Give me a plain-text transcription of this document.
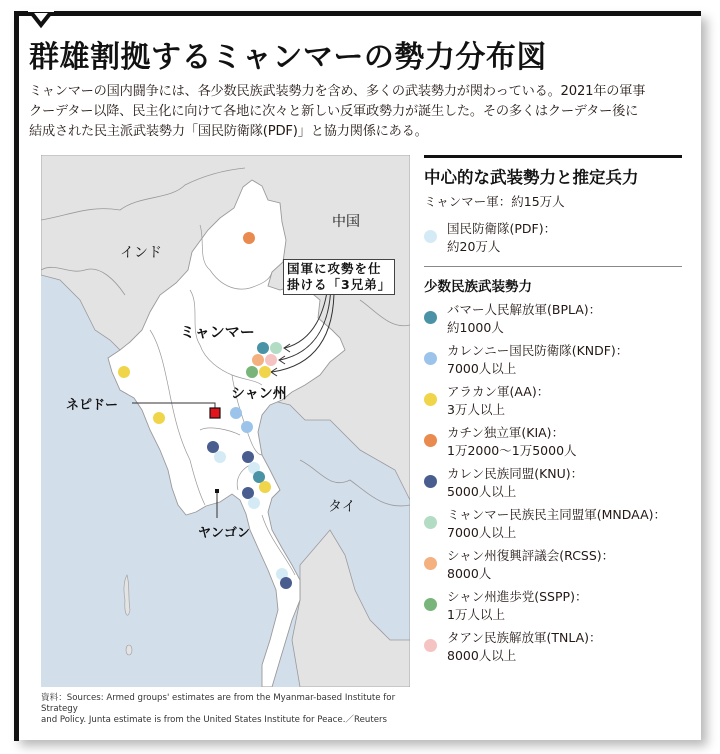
群雄割拠するミャンマーの勢力分布図
ミャンマーの国内闘争には、各少数民族武装勢力を含め、多くの武装勢力が関わっている。2021年の軍事
クーデター以降、民主化に向けて各地に次々と新しい反軍政勢力が誕生した。その多くはクーデター後に
結成された民主派武装勢力「国民防衛隊(PDF)」と協力関係にある。
中国
インド
ミャンマー
シャン州
ネピドー
ヤンゴン
タイ
国軍に攻勢を仕
掛ける「3兄弟」
中心的な武装勢力と推定兵力
ミャンマー軍：約15万人
国民防衛隊(PDF)：
約20万人
少数民族武装勢力
バマー人民解放軍(BPLA)：
約1000人
カレンニー国民防衛隊(KNDF)：
7000人以上
アラカン軍(AA)：
3万人以上
カチン独立軍(KIA)：
1万2000～1万5000人
カレン民族同盟(KNU)：
5000人以上
ミャンマー民族民主同盟軍(MNDAA)：
7000人以上
シャン州復興評議会(RCSS)：
8000人
シャン州進歩党(SSPP)：
1万人以上
タアン民族解放軍(TNLA)：
8000人以上
資料：Sources: Armed groups' estimates are from the Myanmar-based Institute for Strategy
and Policy. Junta estimate is from the United States Institute for Peace.／Reuters
